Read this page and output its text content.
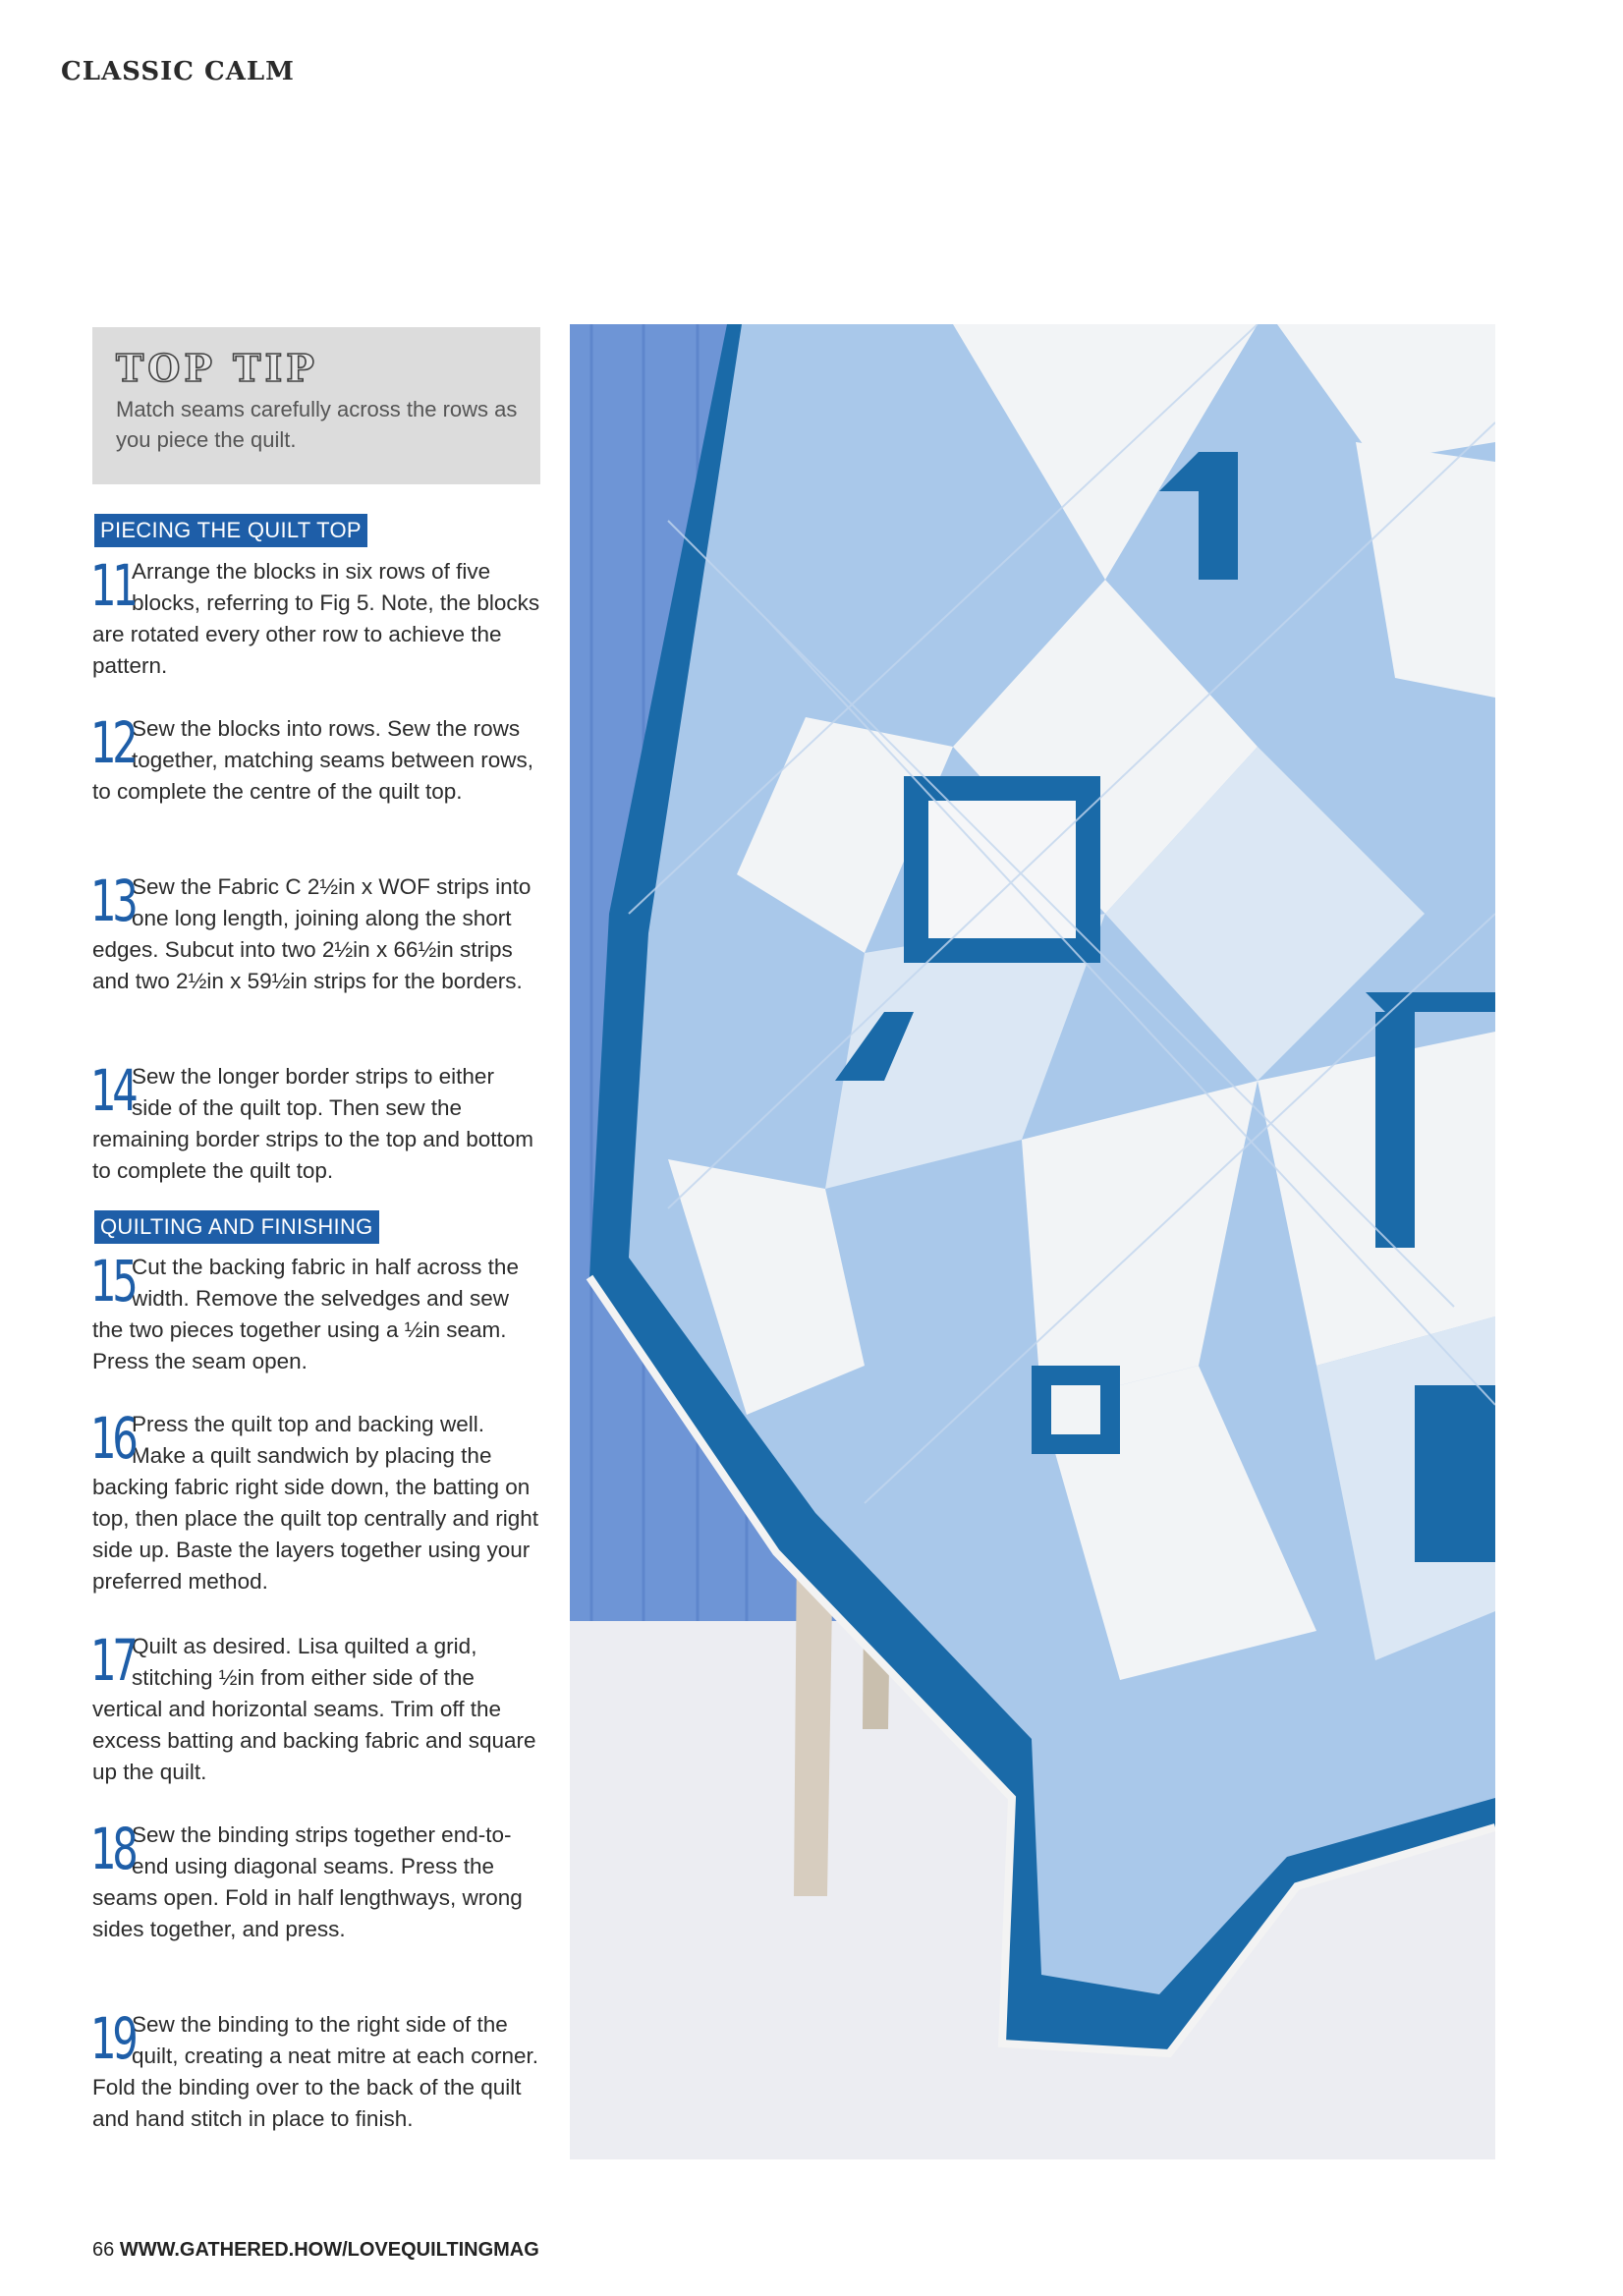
CLASSIC CALM
TOP TIP
Match seams carefully across the rows as you piece the quilt.
PIECING THE QUILT TOP
11
Arrange the blocks in six rows of five blocks, referring to Fig 5. Note, the blocks are rotated every other row to achieve the pattern.
12
Sew the blocks into rows. Sew the rows together, matching seams between rows, to complete the centre of the quilt top.
13
Sew the Fabric C 2½in x WOF strips into one long length, joining along the short edges. Subcut into two 2½in x 66½in strips and two 2½in x 59½in strips for the borders.
14
Sew the longer border strips to either side of the quilt top. Then sew the remaining border strips to the top and bottom to complete the quilt top.
QUILTING AND FINISHING
15
Cut the backing fabric in half across the width. Remove the selvedges and sew the two pieces together using a ½in seam. Press the seam open.
16
Press the quilt top and backing well. Make a quilt sandwich by placing the backing fabric right side down, the batting on top, then place the quilt top centrally and right side up. Baste the layers together using your preferred method.
17
Quilt as desired. Lisa quilted a grid, stitching ½in from either side of the vertical and horizontal seams. Trim off the excess batting and backing fabric and square up the quilt.
18
Sew the binding strips together end-to-end using diagonal seams. Press the seams open. Fold in half lengthways, wrong sides together, and press.
19
Sew the binding to the right side of the quilt, creating a neat mitre at each corner. Fold the binding over to the back of the quilt and hand stitch in place to finish.
66 WWW.GATHERED.HOW/LOVEQUILTINGMAG
